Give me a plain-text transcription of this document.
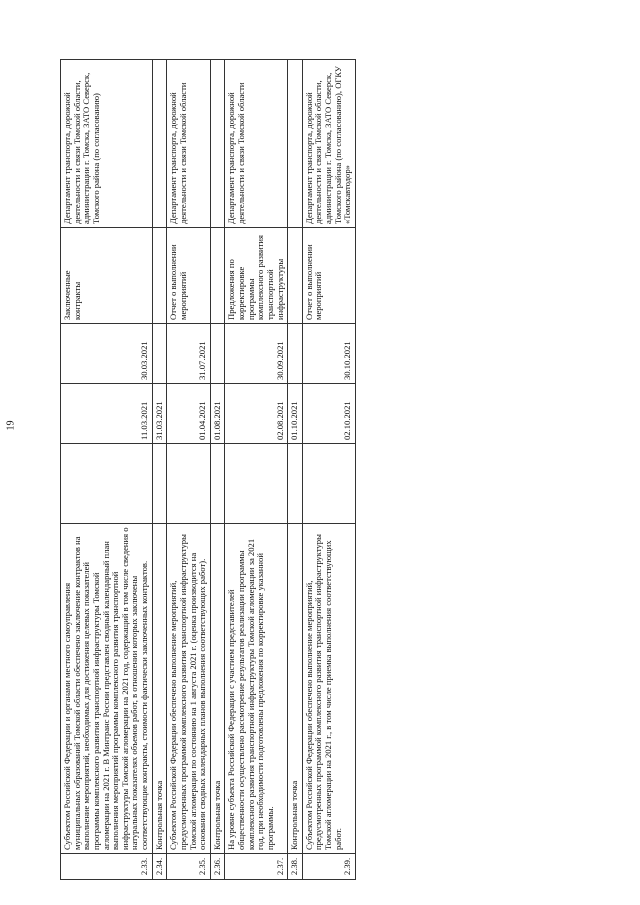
19
2.33.	Субъектом Российской Федерации и органами местного самоуправления муниципальных образований Томской области обеспечено заключение контрактов на выполнение мероприятий, необходимых для достижения целевых показателей программы комплексного развития транспортной инфраструктуры Томской агломерации на 2021 г. В Минтранс России представлен сводный календарный план выполнения мероприятий программы комплексного развития транспортной инфраструктуры Томской агломерации на 2021 год, содержащий в том числе сведения о натуральных показателях объемов работ, в отношении которых заключены соответствующие контракты, стоимости фактически заключенных контрактов.		11.03.2021	30.03.2021	Заключенные контракты	Департамент транспорта, дорожной деятельности и связи Томской области, администрации г. Томска, ЗАТО Северск, Томского района (по согласованию)
2.34.	Контрольная точка		31.03.2021			
2.35.	Субъектом Российской Федерации обеспечено выполнение мероприятий, предусмотренных программой комплексного развития транспортной инфраструктуры Томской агломерации по состоянию на 1 августа 2021 г. (оценка производится на основании сводных календарных планов выполнения соответствующих работ).		01.04.2021	31.07.2021	Отчет о выполнении мероприятий	Департамент транспорта, дорожной деятельности и связи Томской области
2.36.	Контрольная точка		01.08.2021			
2.37.	На уровне субъекта Российской Федерации с участием представителей общественности осуществлено рассмотрение результатов реализации программы комплексного развития транспортной инфраструктуры Томской агломерации за 2021 год, при необходимости подготовлены предложения по корректировке указанной программы.		02.08.2021	30.09.2021	Предложения по корректировке программы комплексного развития транспортной инфраструктуры	Департамент транспорта, дорожной деятельности и связи Томской области
2.38.	Контрольная точка		01.10.2021			
2.39.	Субъектом Российской Федерации обеспечено выполнение мероприятий, предусмотренных программой комплексного развития транспортной инфраструктуры Томской агломерации на 2021 г., в том числе приемка выполнения соответствующих работ.		02.10.2021	30.10.2021	Отчет о выполнении мероприятий	Департамент транспорта, дорожной деятельности и связи Томской области, администрации г. Томска, ЗАТО Северск, Томского района (по согласованию), ОГКУ «Томскавтодор»
